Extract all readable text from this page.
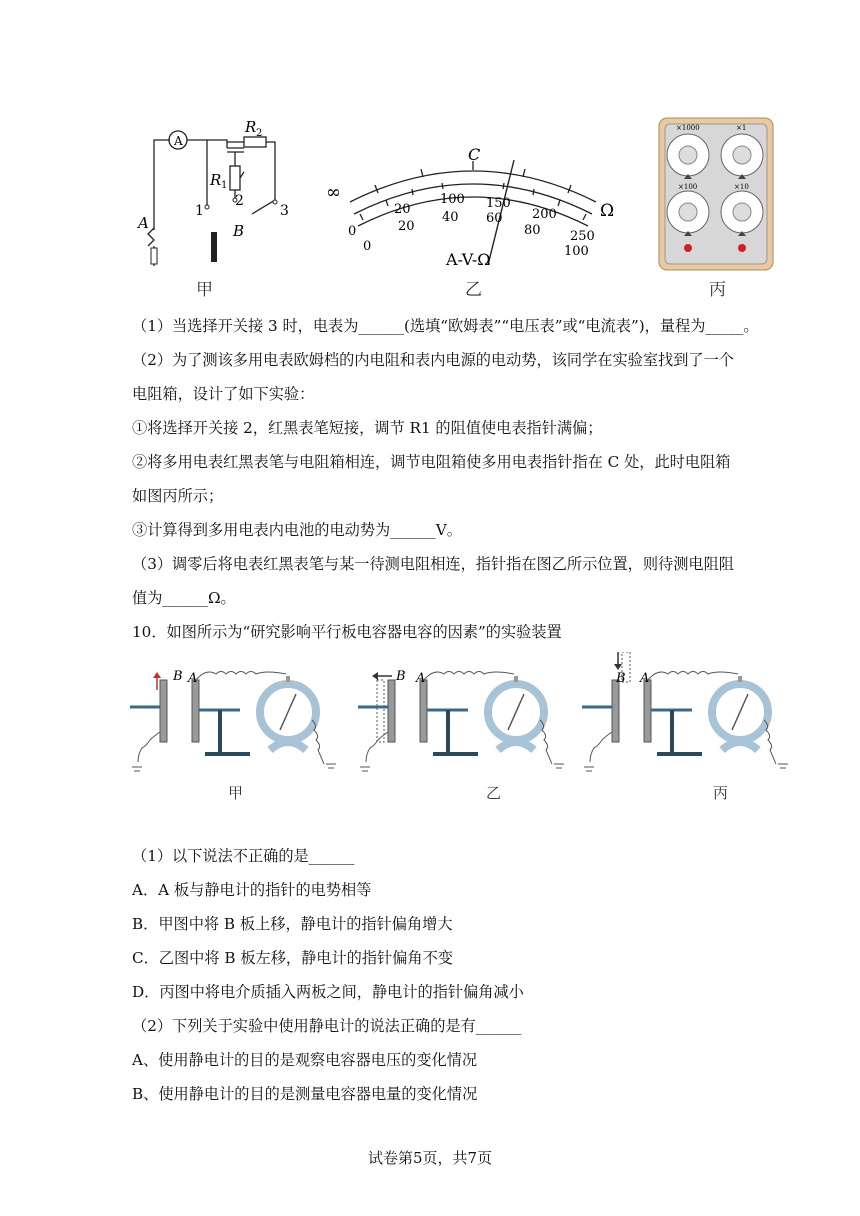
A
R 2
R 1
A	B
1
2
3
甲
∞
Ω
C
A-V-Ω
0
20
100 150
200
250
0
20
40 60
80
100
乙
×1000	×1
×100	×10
丙
（1）当选择开关接 3 时，电表为______(选填“欧姆表”“电压表”或“电流表”)，量程为_____。
（2）为了测该多用电表欧姆档的内电阻和表内电源的电动势，该同学在实验室找到了一个
电阻箱，设计了如下实验：
①将选择开关接 2，红黑表笔短接，调节 R1 的阻值使电表指针满偏；
②将多用电表红黑表笔与电阻箱相连，调节电阻箱使多用电表指针指在 C 处，此时电阻箱
如图丙所示；
③计算得到多用电表内电池的电动势为______V。
（3）调零后将电表红黑表笔与某一待测电阻相连，指针指在图乙所示位置，则待测电阻阻
值为______Ω。
10．如图所示为“研究影响平行板电容器电容的因素”的实验装置
B A	B A	B A
甲	乙	丙
（1）以下说法不正确的是______
A．A 板与静电计的指针的电势相等
B．甲图中将 B 板上移，静电计的指针偏角增大
C．乙图中将 B 板左移，静电计的指针偏角不变
D．丙图中将电介质插入两板之间，静电计的指针偏角减小
（2）下列关于实验中使用静电计的说法正确的是有______
A、使用静电计的目的是观察电容器电压的变化情况
B、使用静电计的目的是测量电容器电量的变化情况
试卷第5页，共7页
